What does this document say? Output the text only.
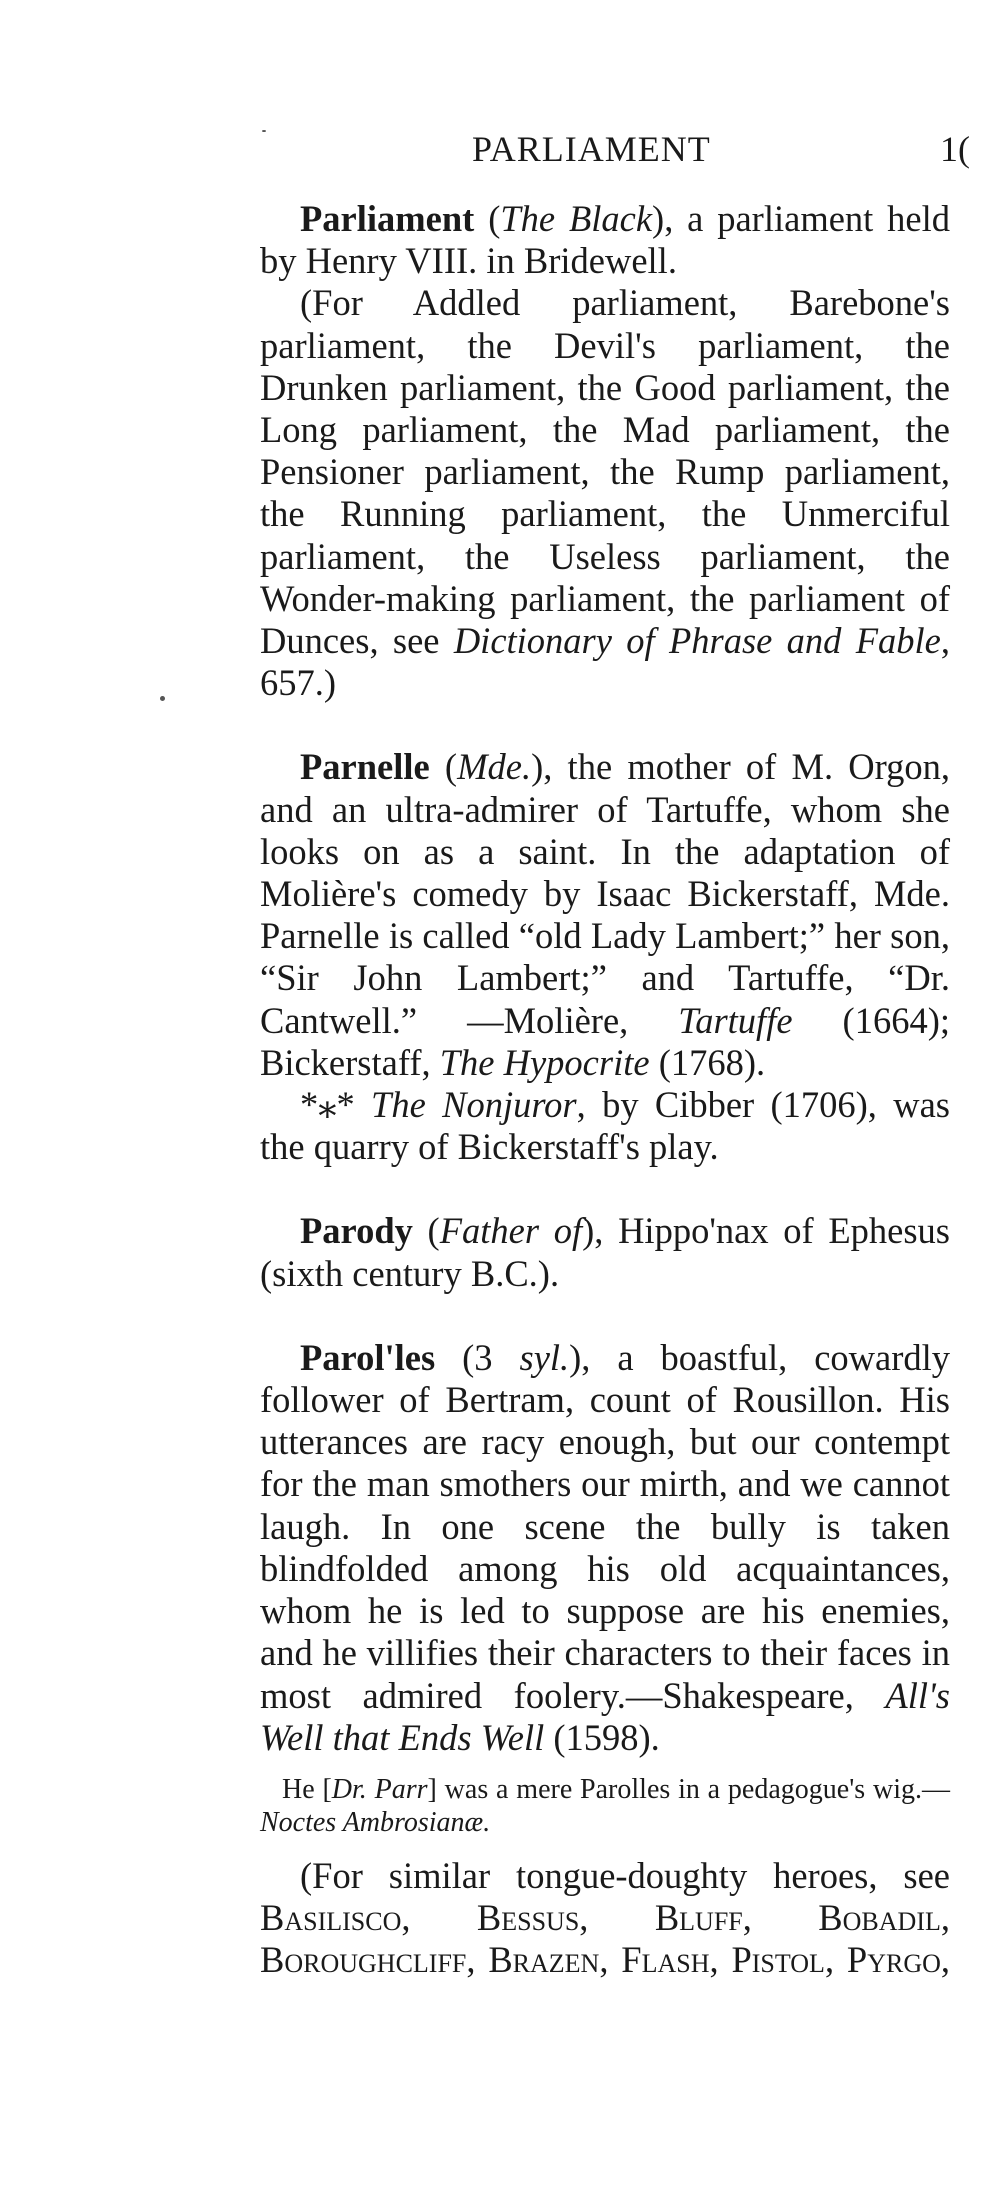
PARLIAMENT	1(

Parliament (The Black), a parliament held by Henry VIII. in Bridewell.

(For Addled parliament, Barebone's parliament, the Devil's parliament, the Drunken parliament, the Good parliament, the Long parliament, the Mad parliament, the Pensioner parliament, the Rump parliament, the Running parliament, the Unmerciful parliament, the Useless parliament, the Wonder-making parliament, the parliament of Dunces, see Dictionary of Phrase and Fable, 657.)

Parnelle (Mde.), the mother of M. Orgon, and an ultra-admirer of Tartuffe, whom she looks on as a saint. In the adaptation of Molière's comedy by Isaac Bickerstaff, Mde. Parnelle is called “old Lady Lambert;” her son, “Sir John Lambert;” and Tartuffe, “Dr. Cantwell.” —Molière, Tartuffe (1664); Bickerstaff, The Hypocrite (1768).

*⁎* The Nonjuror, by Cibber (1706), was the quarry of Bickerstaff's play.

Parody (Father of), Hippo'nax of Ephesus (sixth century B.C.).

Parol'les (3 syl.), a boastful, cowardly follower of Bertram, count of Rousillon. His utterances are racy enough, but our contempt for the man smothers our mirth, and we cannot laugh. In one scene the bully is taken blindfolded among his old acquaintances, whom he is led to suppose are his enemies, and he villifies their characters to their faces in most admired foolery.—Shakespeare, All's Well that Ends Well (1598).

He [Dr. Parr] was a mere Parolles in a pedagogue's wig.—Noctes Ambrosianæ.

(For similar tongue-doughty heroes, see Basilisco, Bessus, Bluff, Bobadil, Boroughcliff, Brazen, Flash, Pistol, Pyrgo,
